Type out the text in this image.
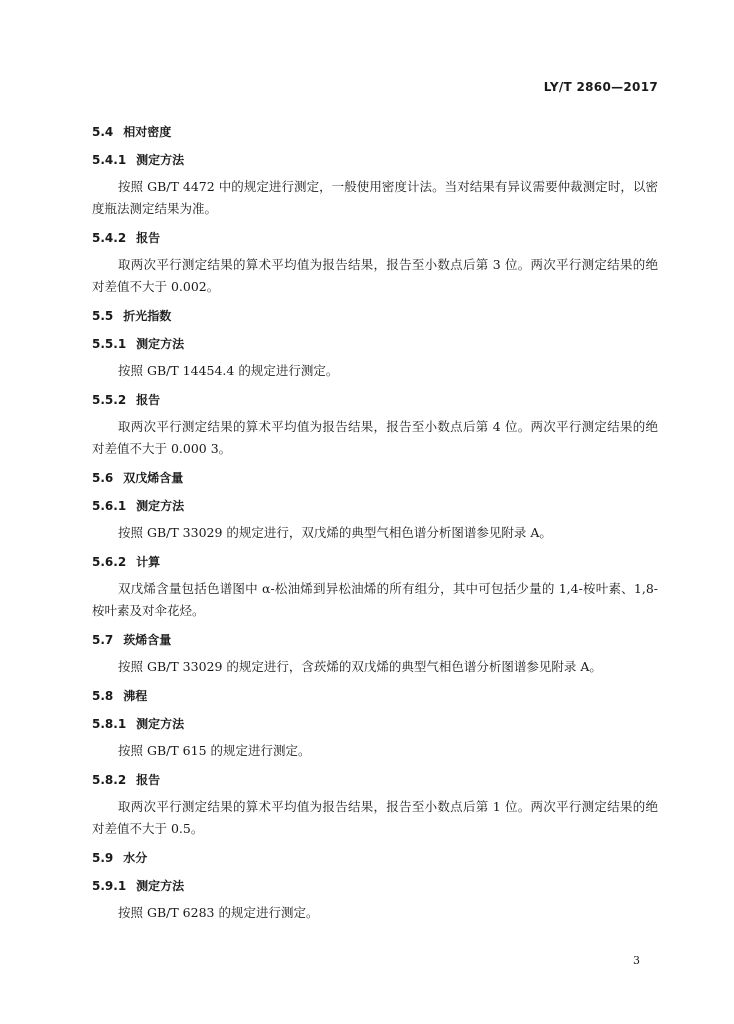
LY/T 2860—2017
5.4 相对密度
5.4.1 测定方法

按照 GB/T 4472 中的规定进行测定，一般使用密度计法。当对结果有异议需要仲裁测定时，以密度瓶法测定结果为准。

5.4.2 报告

取两次平行测定结果的算术平均值为报告结果，报告至小数点后第 3 位。两次平行测定结果的绝对差值不大于 0.002。

5.5 折光指数
5.5.1 测定方法

按照 GB/T 14454.4 的规定进行测定。

5.5.2 报告

取两次平行测定结果的算术平均值为报告结果，报告至小数点后第 4 位。两次平行测定结果的绝对差值不大于 0.000 3。

5.6 双戊烯含量
5.6.1 测定方法

按照 GB/T 33029 的规定进行，双戊烯的典型气相色谱分析图谱参见附录 A。

5.6.2 计算

双戊烯含量包括色谱图中 α-松油烯到异松油烯的所有组分，其中可包括少量的 1,4-桉叶素、1,8-桉叶素及对伞花烃。

5.7 莰烯含量

按照 GB/T 33029 的规定进行，含莰烯的双戊烯的典型气相色谱分析图谱参见附录 A。

5.8 沸程
5.8.1 测定方法

按照 GB/T 615 的规定进行测定。

5.8.2 报告

取两次平行测定结果的算术平均值为报告结果，报告至小数点后第 1 位。两次平行测定结果的绝对差值不大于 0.5。

5.9 水分
5.9.1 测定方法

按照 GB/T 6283 的规定进行测定。

3
